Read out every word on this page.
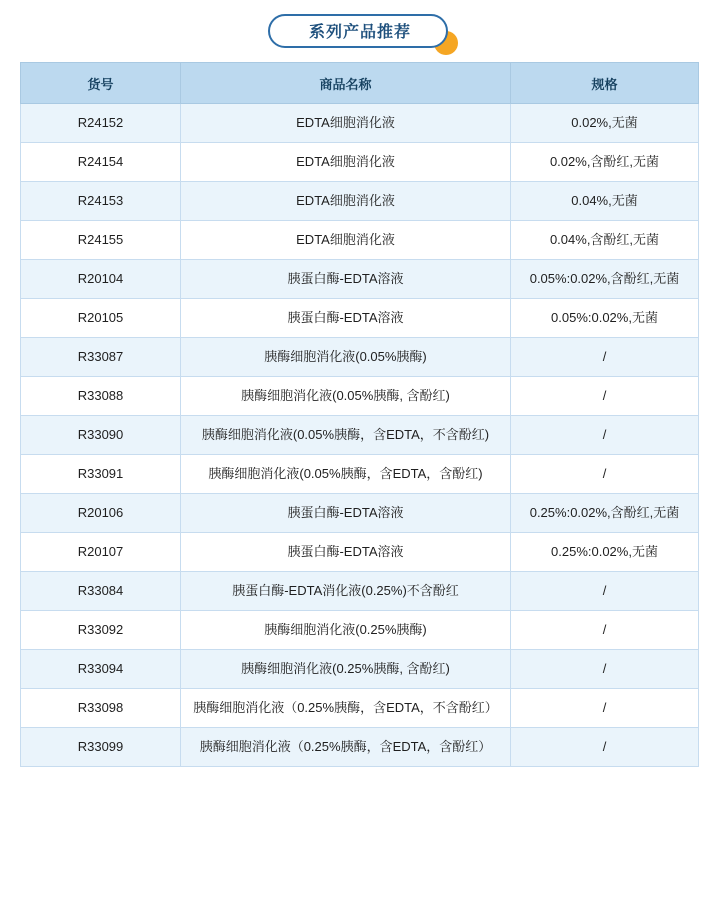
系列产品推荐
货号	商品名称	规格
R24152	EDTA细胞消化液	0.02%,无菌
R24154	EDTA细胞消化液	0.02%,含酚红,无菌
R24153	EDTA细胞消化液	0.04%,无菌
R24155	EDTA细胞消化液	0.04%,含酚红,无菌
R20104	胰蛋白酶-EDTA溶液	0.05%:0.02%,含酚红,无菌
R20105	胰蛋白酶-EDTA溶液	0.05%:0.02%,无菌
R33087	胰酶细胞消化液(0.05%胰酶)	/
R33088	胰酶细胞消化液(0.05%胰酶, 含酚红)	/
R33090	胰酶细胞消化液(0.05%胰酶，含EDTA，不含酚红)	/
R33091	胰酶细胞消化液(0.05%胰酶，含EDTA，含酚红)	/
R20106	胰蛋白酶-EDTA溶液	0.25%:0.02%,含酚红,无菌
R20107	胰蛋白酶-EDTA溶液	0.25%:0.02%,无菌
R33084	胰蛋白酶-EDTA消化液(0.25%)不含酚红	/
R33092	胰酶细胞消化液(0.25%胰酶)	/
R33094	胰酶细胞消化液(0.25%胰酶, 含酚红)	/
R33098	胰酶细胞消化液（0.25%胰酶，含EDTA，不含酚红）	/
R33099	胰酶细胞消化液（0.25%胰酶，含EDTA，含酚红）	/
